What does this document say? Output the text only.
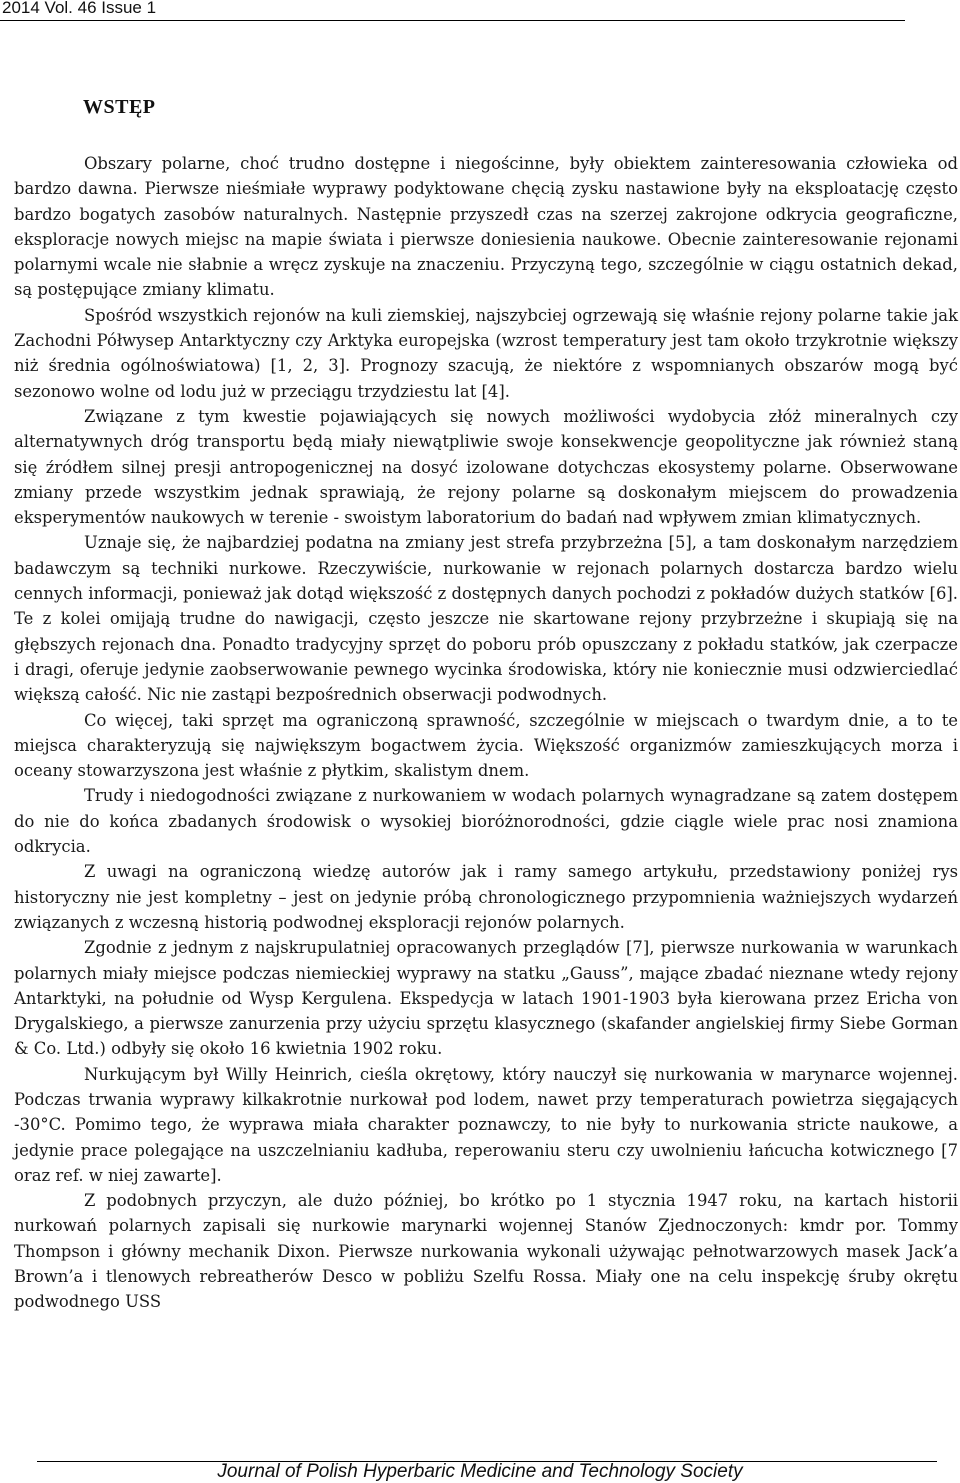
2014 Vol. 46 Issue 1
WSTĘP

Obszary polarne, choć trudno dostępne i niegościnne, były obiektem zainteresowania człowieka od bardzo dawna. Pierwsze nieśmiałe wyprawy podyktowane chęcią zysku nastawione były na eksploatację często bardzo bogatych zasobów naturalnych. Następnie przyszedł czas na szerzej zakrojone odkrycia geograficzne, eksploracje nowych miejsc na mapie świata i pierwsze doniesienia naukowe. Obecnie zainteresowanie rejonami polarnymi wcale nie słabnie a wręcz zyskuje na znaczeniu. Przyczyną tego, szczególnie w ciągu ostatnich dekad, są postępujące zmiany klimatu.

Spośród wszystkich rejonów na kuli ziemskiej, najszybciej ogrzewają się właśnie rejony polarne takie jak Zachodni Półwysep Antarktyczny czy Arktyka europejska (wzrost temperatury jest tam około trzykrotnie większy niż średnia ogólnoświatowa) [1, 2, 3]. Prognozy szacują, że niektóre z wspomnianych obszarów mogą być sezonowo wolne od lodu już w przeciągu trzydziestu lat [4].

Związane z tym kwestie pojawiających się nowych możliwości wydobycia złóż mineralnych czy alternatywnych dróg transportu będą miały niewątpliwie swoje konsekwencje geopolityczne jak również staną się źródłem silnej presji antropogenicznej na dosyć izolowane dotychczas ekosystemy polarne. Obserwowane zmiany przede wszystkim jednak sprawiają, że rejony polarne są doskonałym miejscem do prowadzenia eksperymentów naukowych w terenie - swoistym laboratorium do badań nad wpływem zmian klimatycznych.

Uznaje się, że najbardziej podatna na zmiany jest strefa przybrzeżna [5], a tam doskonałym narzędziem badawczym są techniki nurkowe. Rzeczywiście, nurkowanie w rejonach polarnych dostarcza bardzo wielu cennych informacji, ponieważ jak dotąd większość z dostępnych danych pochodzi z pokładów dużych statków [6]. Te z kolei omijają trudne do nawigacji, często jeszcze nie skartowane rejony przybrzeżne i skupiają się na głębszych rejonach dna. Ponadto tradycyjny sprzęt do poboru prób opuszczany z pokładu statków, jak czerpacze i dragi, oferuje jedynie zaobserwowanie pewnego wycinka środowiska, który nie koniecznie musi odzwierciedlać większą całość. Nic nie zastąpi bezpośrednich obserwacji podwodnych.

Co więcej, taki sprzęt ma ograniczoną sprawność, szczególnie w miejscach o twardym dnie, a to te miejsca charakteryzują się największym bogactwem życia. Większość organizmów zamieszkujących morza i oceany stowarzyszona jest właśnie z płytkim, skalistym dnem.

Trudy i niedogodności związane z nurkowaniem w wodach polarnych wynagradzane są zatem dostępem do nie do końca zbadanych środowisk o wysokiej bioróżnorodności, gdzie ciągle wiele prac nosi znamiona odkrycia.

Z uwagi na ograniczoną wiedzę autorów jak i ramy samego artykułu, przedstawiony poniżej rys historyczny nie jest kompletny – jest on jedynie próbą chronologicznego przypomnienia ważniejszych wydarzeń związanych z wczesną historią podwodnej eksploracji rejonów polarnych.

Zgodnie z jednym z najskrupulatniej opracowanych przeglądów [7], pierwsze nurkowania w warunkach polarnych miały miejsce podczas niemieckiej wyprawy na statku „Gauss”, mające zbadać nieznane wtedy rejony Antarktyki, na południe od Wysp Kergulena. Ekspedycja w latach 1901-1903 była kierowana przez Ericha von Drygalskiego, a pierwsze zanurzenia przy użyciu sprzętu klasycznego (skafander angielskiej firmy Siebe Gorman & Co. Ltd.) odbyły się około 16 kwietnia 1902 roku.

Nurkującym był Willy Heinrich, cieśla okrętowy, który nauczył się nurkowania w marynarce wojennej. Podczas trwania wyprawy kilkakrotnie nurkował pod lodem, nawet przy temperaturach powietrza sięgających -30°C. Pomimo tego, że wyprawa miała charakter poznawczy, to nie były to nurkowania stricte naukowe, a jedynie prace polegające na uszczelnianiu kadłuba, reperowaniu steru czy uwolnieniu łańcucha kotwicznego [7 oraz ref. w niej zawarte].

Z podobnych przyczyn, ale dużo później, bo krótko po 1 stycznia 1947 roku, na kartach historii nurkowań polarnych zapisali się nurkowie marynarki wojennej Stanów Zjednoczonych: kmdr por. Tommy Thompson i główny mechanik Dixon. Pierwsze nurkowania wykonali używając pełnotwarzowych masek Jack’a Brown’a i tlenowych rebreatherów Desco w pobliżu Szelfu Rossa. Miały one na celu inspekcję śruby okrętu podwodnego USS

Journal of Polish Hyperbaric Medicine and Technology Society
